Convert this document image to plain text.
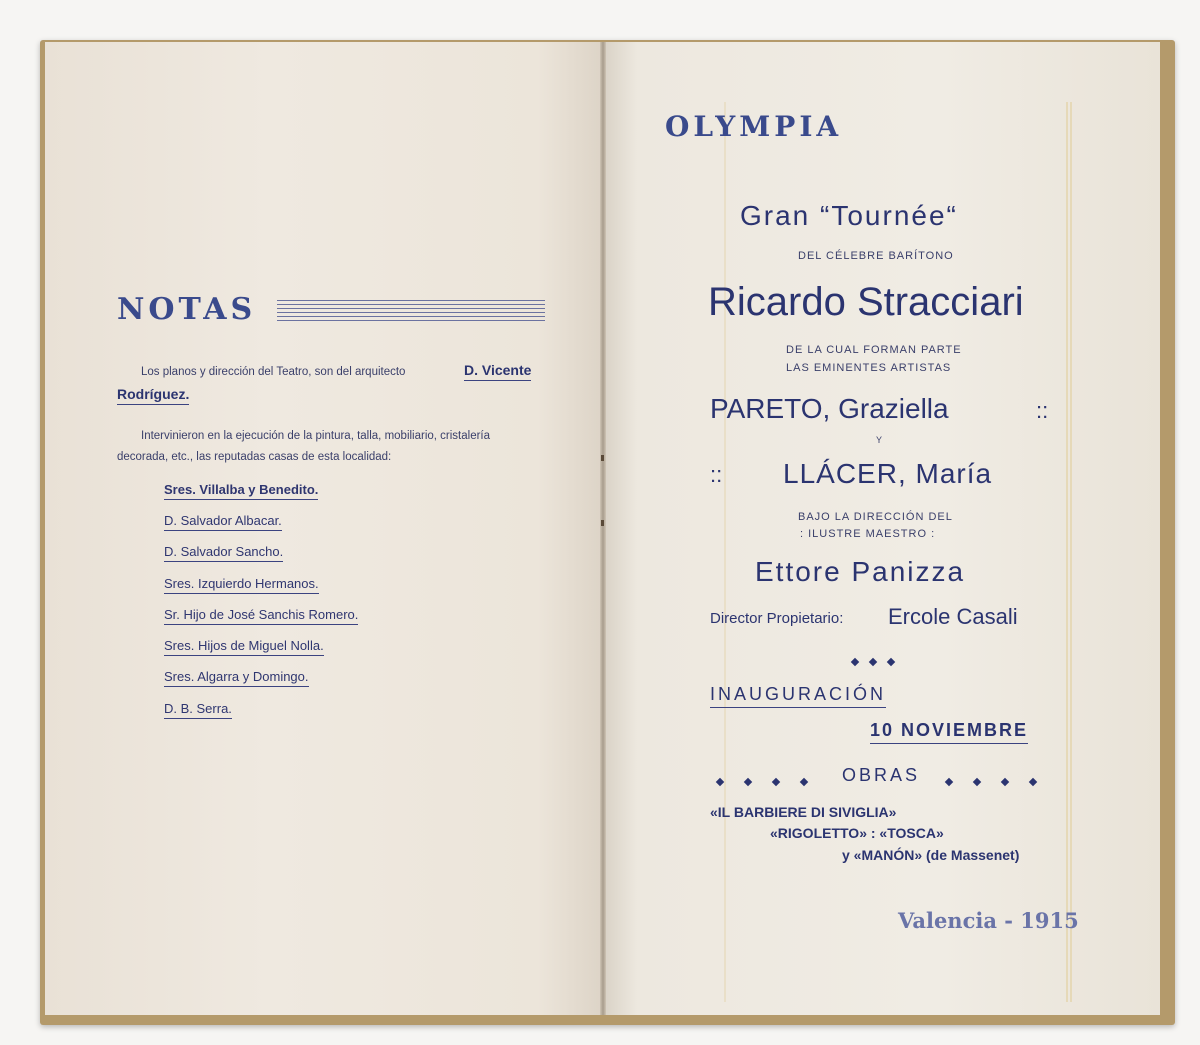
NOTAS
Los planos y dirección del Teatro, son del arquitecto	D. Vicente
Rodríguez.
Intervinieron en la ejecución de la pintura, talla, mobiliario, cristalería
decorada, etc., las reputadas casas de esta localidad:
Sres. Villalba y Benedito.
D. Salvador Albacar.
D. Salvador Sancho.
Sres. Izquierdo Hermanos.
Sr. Hijo de José Sanchis Romero.
Sres. Hijos de Miguel Nolla.
Sres. Algarra y Domingo.
D. B. Serra.
OLYMPIA
Gran “Tournée“
DEL CÉLEBRE BARÍTONO
Ricardo Stracciari
DE LA CUAL FORMAN PARTE
LAS EMINENTES ARTISTAS
PARETO, Graziella	::
Y
:: LLÁCER, María
BAJO LA DIRECCIÓN DEL
: ILUSTRE MAESTRO :
Ettore Panizza
Director Propietario: Ercole Casali
INAUGURACIÓN
10 NOVIEMBRE
OBRAS
«IL BARBIERE DI SIVIGLIA»
«RIGOLETTO» : «TOSCA»
y «MANÓN» (de Massenet)
Valencia - 1915
